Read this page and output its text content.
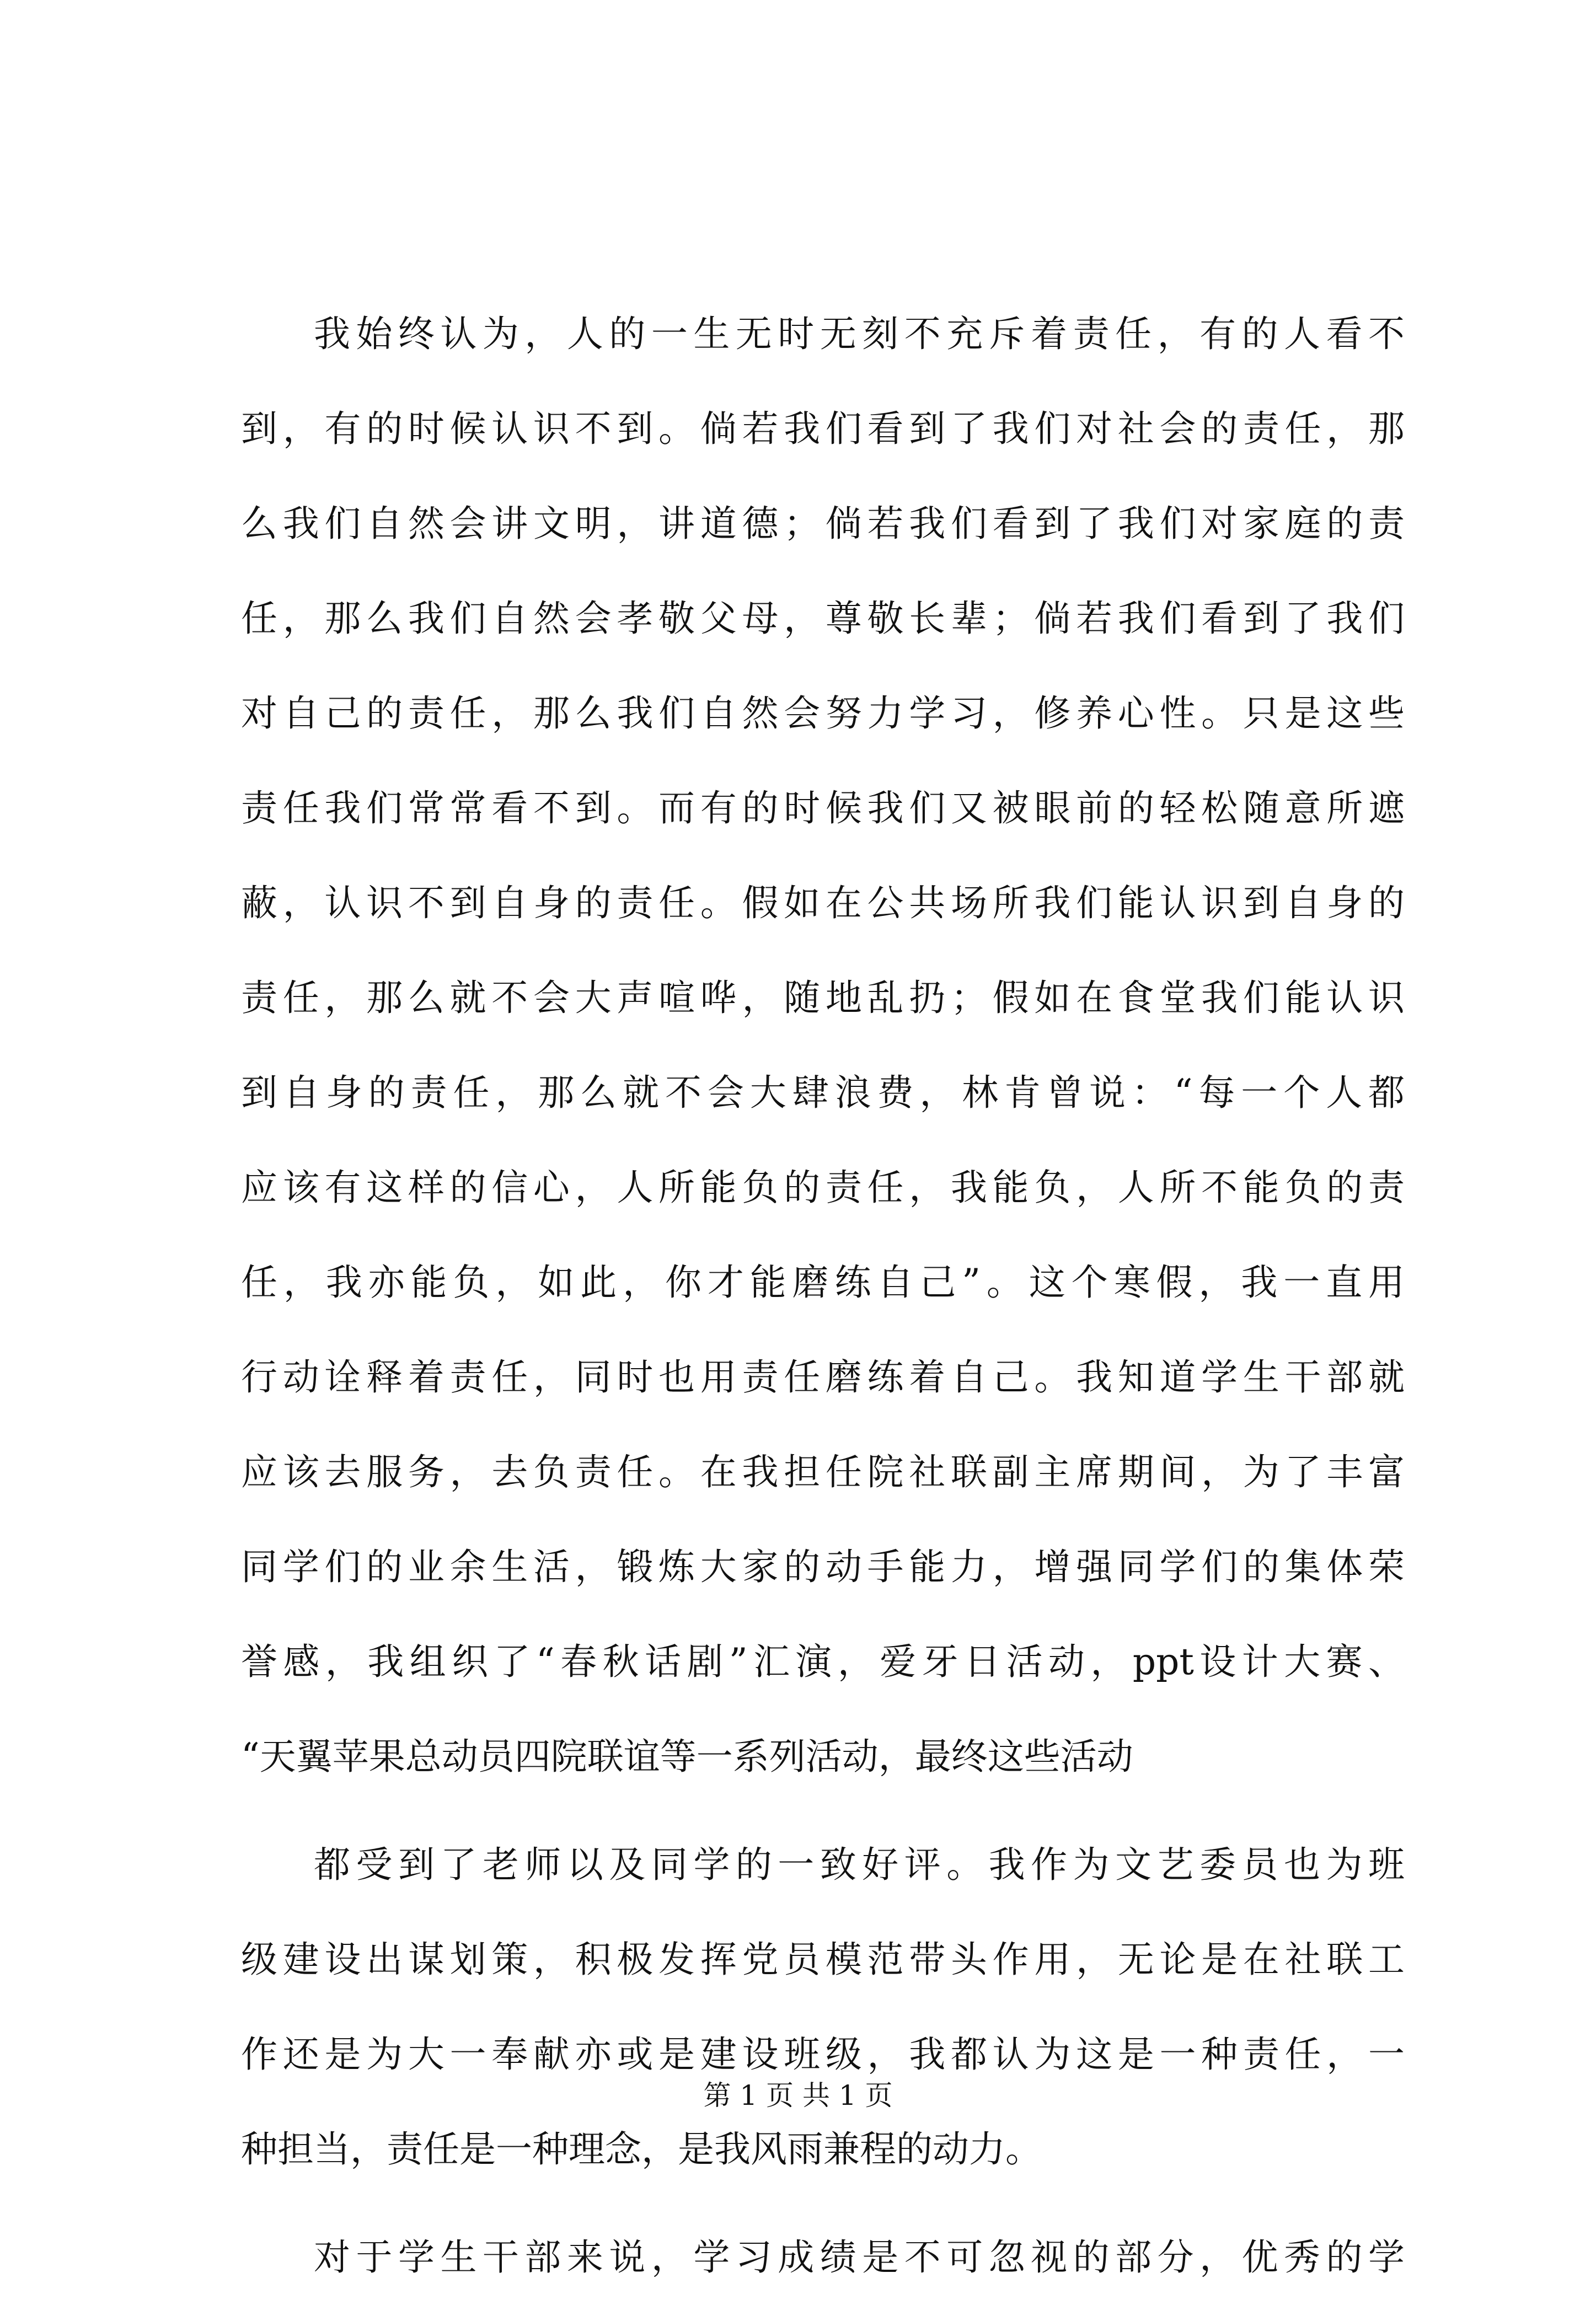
我始终认为，人的一生无时无刻不充斥着责任，有的人看不
到，有的时候认识不到。倘若我们看到了我们对社会的责任，那
么我们自然会讲文明，讲道德；倘若我们看到了我们对家庭的责
任，那么我们自然会孝敬父母，尊敬长辈；倘若我们看到了我们
对自己的责任，那么我们自然会努力学习，修养心性。只是这些
责任我们常常看不到。而有的时候我们又被眼前的轻松随意所遮
蔽，认识不到自身的责任。假如在公共场所我们能认识到自身的
责任，那么就不会大声喧哗，随地乱扔；假如在食堂我们能认识
到自身的责任，那么就不会大肆浪费，林肯曾说：“每一个人都
应该有这样的信心，人所能负的责任，我能负，人所不能负的责
任，我亦能负，如此，你才能磨练自己”。这个寒假，我一直用
行动诠释着责任，同时也用责任磨练着自己。我知道学生干部就
应该去服务，去负责任。在我担任院社联副主席期间，为了丰富
同学们的业余生活，锻炼大家的动手能力，增强同学们的集体荣
誉感，我组织了“春秋话剧”汇演，爱牙日活动，ppt设计大赛、
“天翼苹果总动员四院联谊等一系列活动，最终这些活动
都受到了老师以及同学的一致好评。我作为文艺委员也为班
级建设出谋划策，积极发挥党员模范带头作用，无论是在社联工
作还是为大一奉献亦或是建设班级，我都认为这是一种责任，一
种担当，责任是一种理念，是我风雨兼程的动力。
对于学生干部来说，学习成绩是不可忽视的部分，优秀的学
第 1 页 共 1 页
